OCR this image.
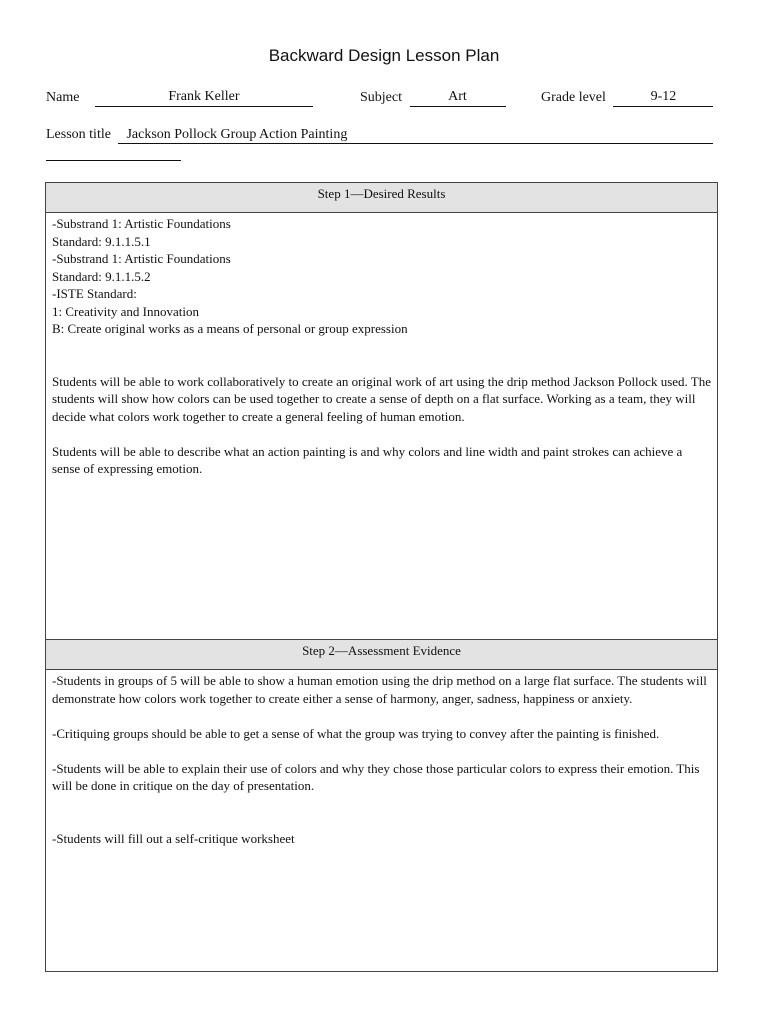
Backward Design Lesson Plan
Name	Frank Keller	Subject	Art	Grade level	9-12
Lesson title Jackson Pollock Group Action Painting
Step 1—Desired Results

-Substrand 1: Artistic Foundations

Standard: 9.1.1.5.1

-Substrand 1: Artistic Foundations

Standard: 9.1.1.5.2

-ISTE Standard:

1: Creativity and Innovation

B: Create original works as a means of personal or group expression

Students will be able to work collaboratively to create an original work of art using the drip method Jackson Pollock used. The students will show how colors can be used together to create a sense of depth on a flat surface. Working as a team, they will decide what colors work together to create a general feeling of human emotion.

Students will be able to describe what an action painting is and why colors and line width and paint strokes can achieve a sense of expressing emotion.

Step 2—Assessment Evidence

-Students in groups of 5 will be able to show a human emotion using the drip method on a large flat surface. The students will demonstrate how colors work together to create either a sense of harmony, anger, sadness, happiness or anxiety.

-Critiquing groups should be able to get a sense of what the group was trying to convey after the painting is finished.

-Students will be able to explain their use of colors and why they chose those particular colors to express their emotion. This will be done in critique on the day of presentation.

-Students will fill out a self-critique worksheet
